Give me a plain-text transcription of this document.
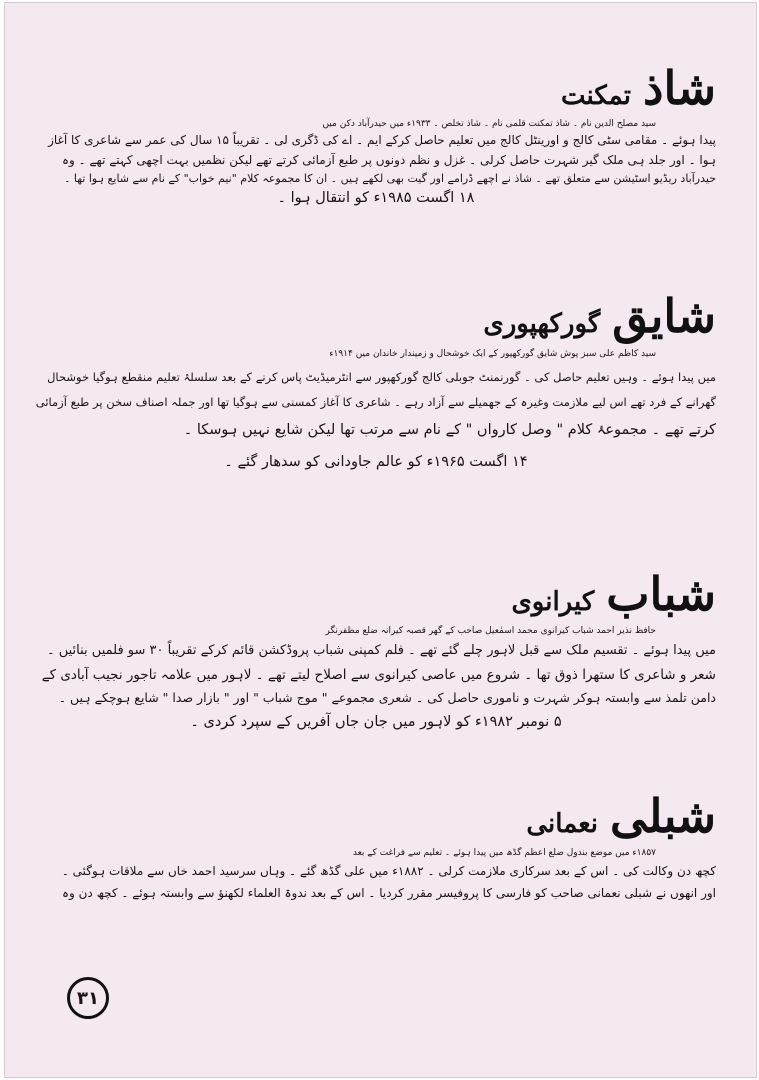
شاذ
تمکنت
سید مصلح الدین نام ۔ شاذ تمکنت قلمی نام ۔ شاذ تخلص ۔ ۱۹۳۳ء میں حیدرآباد دکن میں
پیدا ہوئے ۔ مقامی سٹی کالج و اورینٹل کالج میں تعلیم حاصل کرکے ایم ۔ اے کی ڈگری لی ۔ تقریباً ۱۵ سال کی عمر سے شاعری کا آغاز
ہوا ۔ اور جلد ہی ملک گیر شہرت حاصل کرلی ۔ غزل و نظم دونوں پر طبع آزمائی کرتے تھے لیکن نظمیں بہت اچھی کہتے تھے ۔ وہ
حیدرآباد ریڈیو اسٹیشن سے متعلق تھے ۔ شاذ نے اچھے ڈرامے اور گیت بھی لکھے ہیں ۔ ان کا مجموعہ کلام "نیم خواب" کے نام سے شایع ہوا تھا ۔
۱۸ اگست ۱۹۸۵ء کو انتقال ہوا ۔
شایق
گورکھپوری
سید کاظم علی سبز پوش شایق گورکھپور کے ایک خوشحال و زمیندار خاندان میں ۱۹۱۴ء
میں پیدا ہوئے ۔ وہیں تعلیم حاصل کی ۔ گورنمنٹ جوبلی کالج گورکھپور سے انٹرمیڈیٹ پاس کرنے کے بعد سلسلۂ تعلیم منقطع ہوگیا خوشحال
گھرانے کے فرد تھے اس لیے ملازمت وغیرہ کے جھمیلے سے آزاد رہے ۔ شاعری کا آغاز کمسنی سے ہوگیا تھا اور جملہ اصناف سخن پر طبع آزمائی
کرتے تھے ۔ مجموعۂ کلام " وصل کارواں " کے نام سے مرتب تھا لیکن شایع نہیں ہوسکا ۔
۱۴ اگست ۱۹۶۵ء کو عالم جاودانی کو سدھار گئے ۔
شباب
کیرانوی
حافظ نذیر احمد شباب کیرانوی محمد اسمٰعیل صاحب کے گھر قصبہ کیرانہ ضلع مظفرنگر
میں پیدا ہوئے ۔ تقسیم ملک سے قبل لاہور چلے گئے تھے ۔ فلم کمپنی شباب پروڈکشن قائم کرکے تقریباً ۳۰ سو فلمیں بنائیں ۔
شعر و شاعری کا ستھرا ذوق تھا ۔ شروع میں عاصی کیرانوی سے اصلاح لیتے تھے ۔ لاہور میں علامہ تاجور نجیب آبادی کے
دامن تلمذ سے وابستہ ہوکر شہرت و ناموری حاصل کی ۔ شعری مجموعے " موج شباب " اور " بازار صدا " شایع ہوچکے ہیں ۔
۵ نومبر ۱۹۸۲ء کو لاہور میں جان جاں آفریں کے سپرد کردی ۔
شبلی
نعمانی
۱۸۵۷ء میں موضع بندول ضلع اعظم گڈھ میں پیدا ہوئے ۔ تعلیم سے فراغت کے بعد
کچھ دن وکالت کی ۔ اس کے بعد سرکاری ملازمت کرلی ۔ ۱۸۸۲ء میں علی گڈھ گئے ۔ وہاں سرسید احمد خاں سے ملاقات ہوگئی ۔
اور انھوں نے شبلی نعمانی صاحب کو فارسی کا پروفیسر مقرر کردیا ۔ اس کے بعد ندوۃ العلماء لکھنؤ سے وابستہ ہوئے ۔ کچھ دن وہ
۳۱
